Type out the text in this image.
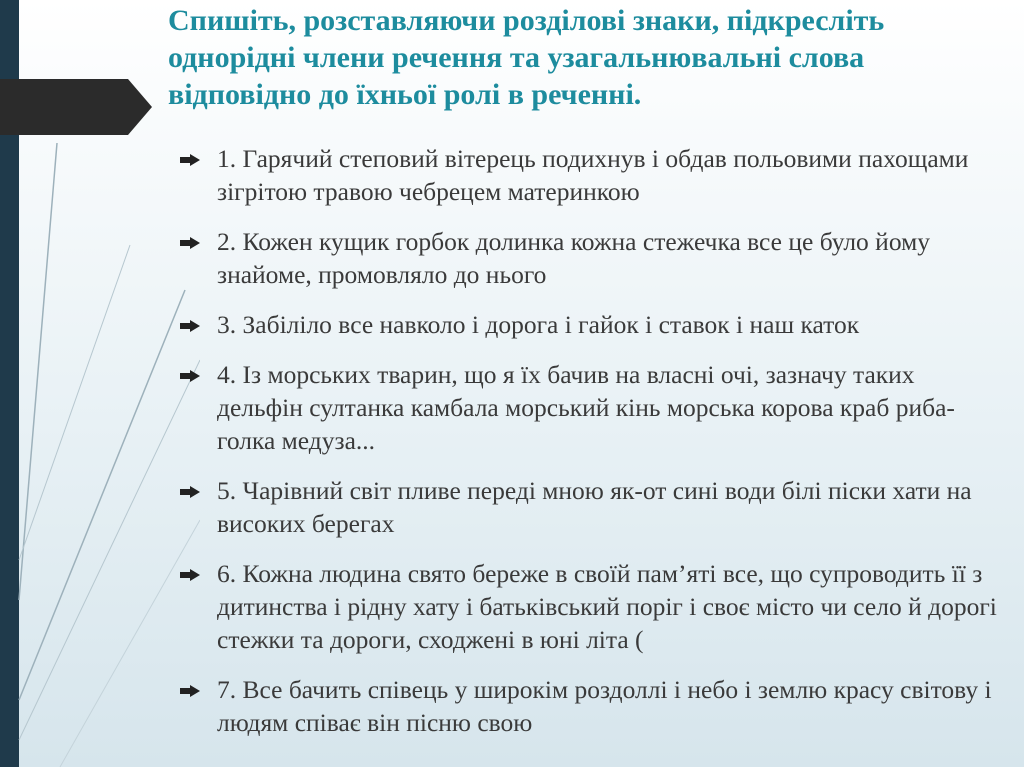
Спишіть, розставляючи розділові знаки, підкресліть однорідні члени речення та узагальнювальні слова відповідно до їхньої ролі в реченні.
1. Гарячий степовий вітерець подихнув і обдав польовими пахощами зігрітою травою чебрецем материнкою
2. Кожен кущик горбок долинка кожна стежечка все це було йому знайоме, промовляло до нього
3. Забіліло все навколо і дорога і гайок і ставок і наш каток
4. Із морських тварин, що я їх бачив на власні очі, зазначу таких дельфін султанка камбала морський кінь морська корова краб риба-голка медуза...
5. Чарівний світ пливе переді мною як-от сині води білі піски хати на високих берегах
6. Кожна людина свято береже в своїй пам’яті все, що супроводить її з дитинства і рідну хату і батьківський поріг і своє місто чи село й дорогі стежки та дороги, сходжені в юні літа (
7. Все бачить співець у широкім роздоллі і небо і землю красу світову і людям співає він пісню свою
